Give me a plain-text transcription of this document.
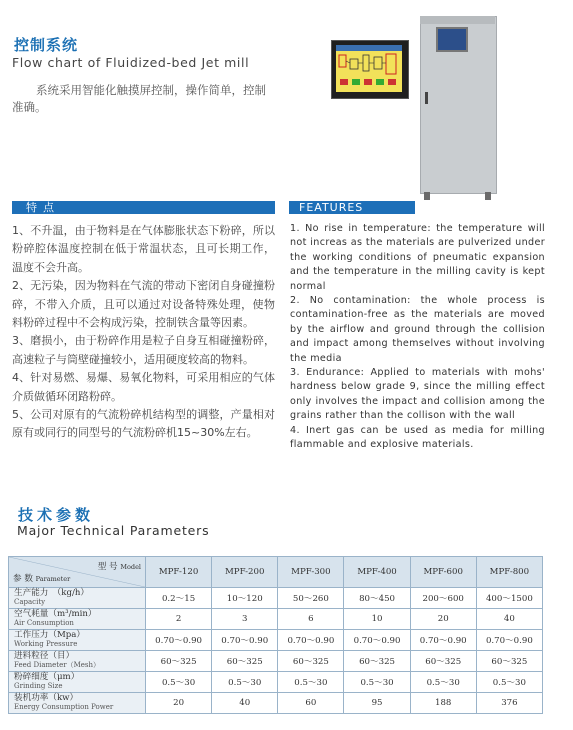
控制系统
Flow chart of Fluidized-bed Jet mill
系统采用智能化触摸屏控制，操作简单，控制准确。
特点	FEATURES

1、不升温，由于物料是在气体膨胀状态下粉碎，所以粉碎腔体温度控制在低于常温状态，且可长期工作，温度不会升高。

2、无污染，因为物料在气流的带动下密闭自身碰撞粉碎，不带入介质，且可以通过对设备特殊处理，使物料粉碎过程中不会构成污染，控制铁含量等因素。

3、磨损小，由于粉碎作用是粒子自身互相碰撞粉碎，高速粒子与筒壁碰撞较小，适用硬度较高的物料。

4、针对易燃、易爆、易氧化物料，可采用相应的气体介质做循环闭路粉碎。

5、公司对原有的气流粉碎机结构型的调整，产量相对原有或同行的同型号的气流粉碎机15~30%左右。

1. No rise in temperature: the temperature will not increas as the materials are pulverized under the working conditions of pneumatic expansion and the temperature in the milling cavity is kept normal

2. No contamination: the whole process is contamination-free as the materials are moved by the airflow and ground through the collision and impact among themselves without involving the media

3. Endurance: Applied to materials with mohs' hardness below grade 9, since the milling effect only involves the impact and collision among the grains rather than the collison with the wall

4. Inert gas can be used as media for milling flammable and explosive materials.

技术参数
Major Technical Parameters
型 号 Model
参 数 Parameter	MPF-120	MPF-200	MPF-300	MPF-400	MPF-600	MPF-800
生产能力　（kg/h）
Capacity	0.2～15	10～120	50～260	80～450	200～600	400～1500
空气耗量（m³/min）
Air Consumption	2	3	6	10	20	40
工作压力（Mpa）
Working Pressure	0.70～0.90	0.70～0.90	0.70～0.90	0.70～0.90	0.70～0.90	0.70～0.90
进料粒径（目）
Feed Diameter（Mesh）	60～325	60～325	60～325	60～325	60～325	60～325
粉碎细度（μm）
Grinding Size	0.5～30	0.5～30	0.5～30	0.5～30	0.5～30	0.5～30
装机功率（kw）
Energy Consumption Power	20	40	60	95	188	376
